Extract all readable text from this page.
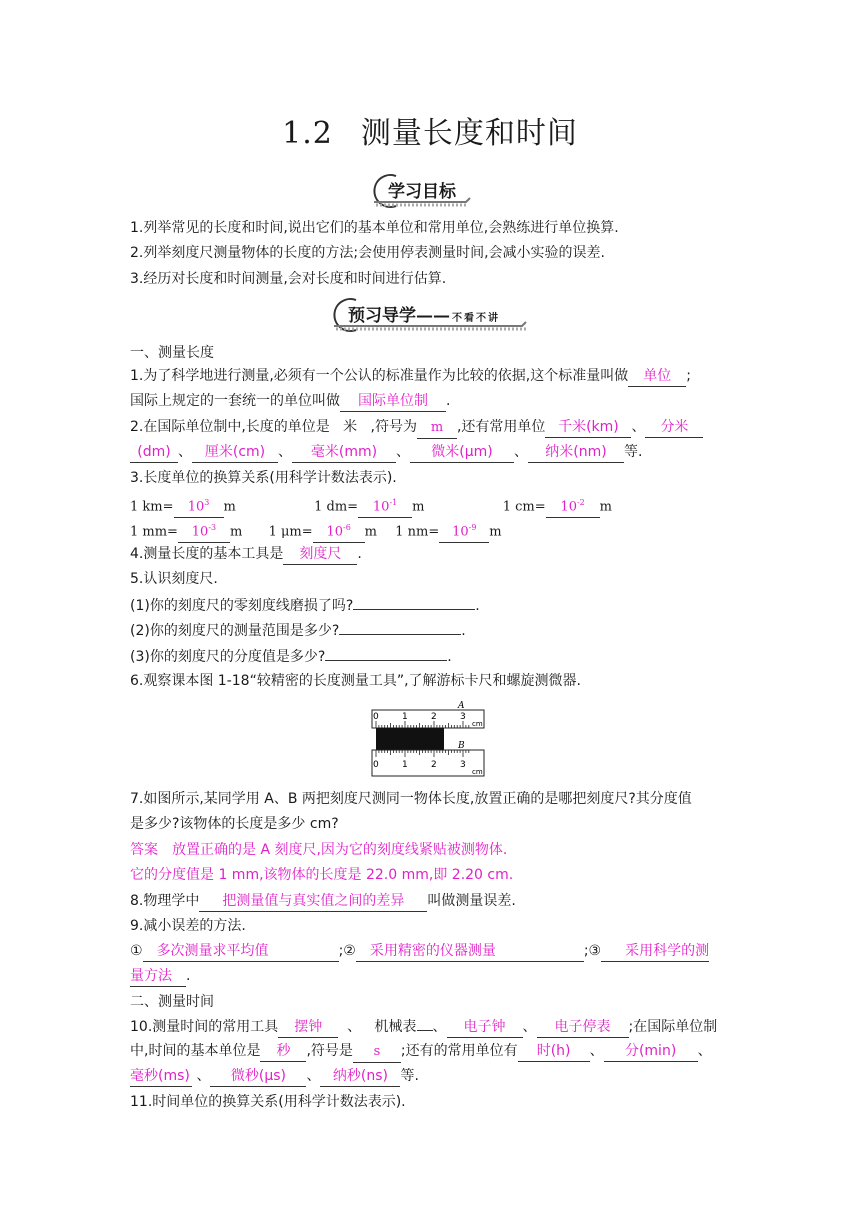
1.2 测量长度和时间
学习目标
1.列举常见的长度和时间,说出它们的基本单位和常用单位,会熟练进行单位换算.
2.列举刻度尺测量物体的长度的方法;会使用停表测量时间,会减小实验的误差.
3.经历对长度和时间测量,会对长度和时间进行估算.
预习导学—— 不看不讲
一、测量长度
1.为了科学地进行测量,必须有一个公认的标准量作为比较的依据,这个标准量叫做 单位 ;
国际上规定的一套统一的单位叫做 国际单位制 .
2.在国际单位制中,长度的单位是 米 ,符号为 m ,还有常用单位 千米(km) 、 分米
(dm) 、 厘米(cm) 、 毫米(mm) 、 微米(μm) 、 纳米(nm) 等.
3.长度单位的换算关系(用科学计数法表示).
1 $km= 10^3$ m	1 $dm= 10^{-1}$ m	1 $cm= 10^{-2}$ m
1 $mm= 10^{-3}$ m 1 $\mu m= 10^{-6}$ m 1 $nm= 10^{-9}$ m
4.测量长度的基本工具是 刻度尺 .
5.认识刻度尺.
(1)你的刻度尺的零刻度线磨损了吗?	.
(2)你的刻度尺的测量范围是多少?	.
(3)你的刻度尺的分度值是多少?	.
6.观察课本图 1-18“较精密的长度测量工具”,了解游标卡尺和螺旋测微器.
0	1	2	3
A
cm
0	1	2	3
B
cm
7.如图所示,某同学用 A、B 两把刻度尺测同一物体长度,放置正确的是哪把刻度尺?其分度值
是多少?该物体的长度是多少 cm?
答案　放置正确的是 A 刻度尺,因为它的刻度线紧贴被测物体.
它的分度值是 1 mm,该物体的长度是 22.0 mm,即 2.20 cm.
8.物理学中 把测量值与真实值之间的差异 叫做测量误差.
9.减小误差的方法.
① 多次测量求平均值	;② 采用精密的仪器测量	;③ 采用科学的测
量方法 .
二、测量时间
10.测量时间的常用工具 摆钟 、 机械表 、 电子钟 、 电子停表 ;在国际单位制
中,时间的基本单位是 秒 ,符号是 s ;还有的常用单位有 时(h) 、 分(min) 、
毫秒(ms) 、 微秒(μs) 、 纳秒(ns) 等.
11.时间单位的换算关系(用科学计数法表示).
